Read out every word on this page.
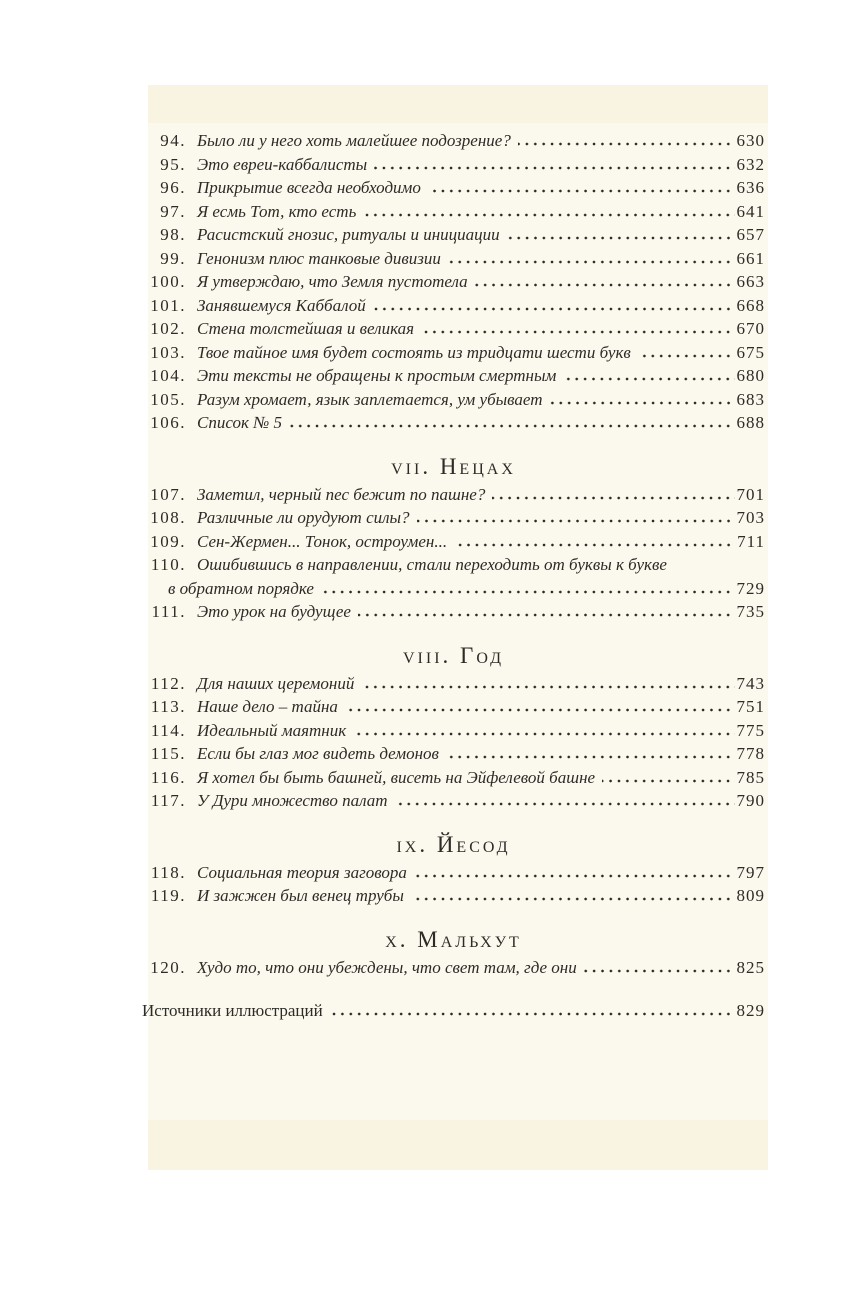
94. Было ли у него хоть малейшее подозрение?	630
95. Это евреи-каббалисты	632
96. Прикрытие всегда необходимо	636
97. Я есмь Тот, кто есть	641
98. Расистский гнозис, ритуалы и инициации	657
99. Генонизм плюс танковые дивизии	661
100. Я утверждаю, что Земля пустотела	663
101. Занявшемуся Каббалой	668
102. Стена толстейшая и великая	670
103. Твое тайное имя будет состоять из тридцати шести букв	675
104. Эти тексты не обращены к простым смертным	680
105. Разум хромает, язык заплетается, ум убывает	683
106. Список № 5	688
vii. Нецах
107. Заметил, черный пес бежит по пашне?	701
108. Различные ли орудуют силы?	703
109. Сен-Жермен... Тонок, остроумен...	711
110. Ошибившись в направлении, стали переходить от буквы к букве
в обратном порядке	729
111. Это урок на будущее	735
viii. Год
112. Для наших церемоний	743
113. Наше дело – тайна	751
114. Идеальный маятник	775
115. Если бы глаз мог видеть демонов	778
116. Я хотел бы быть башней, висеть на Эйфелевой башне	785
117. У Дури множество палат	790
ix. Йесод
118. Социальная теория заговора	797
119. И зажжен был венец трубы	809
x. Мальхут
120. Худо то, что они убеждены, что свет там, где они	825
Источники иллюстраций	829
